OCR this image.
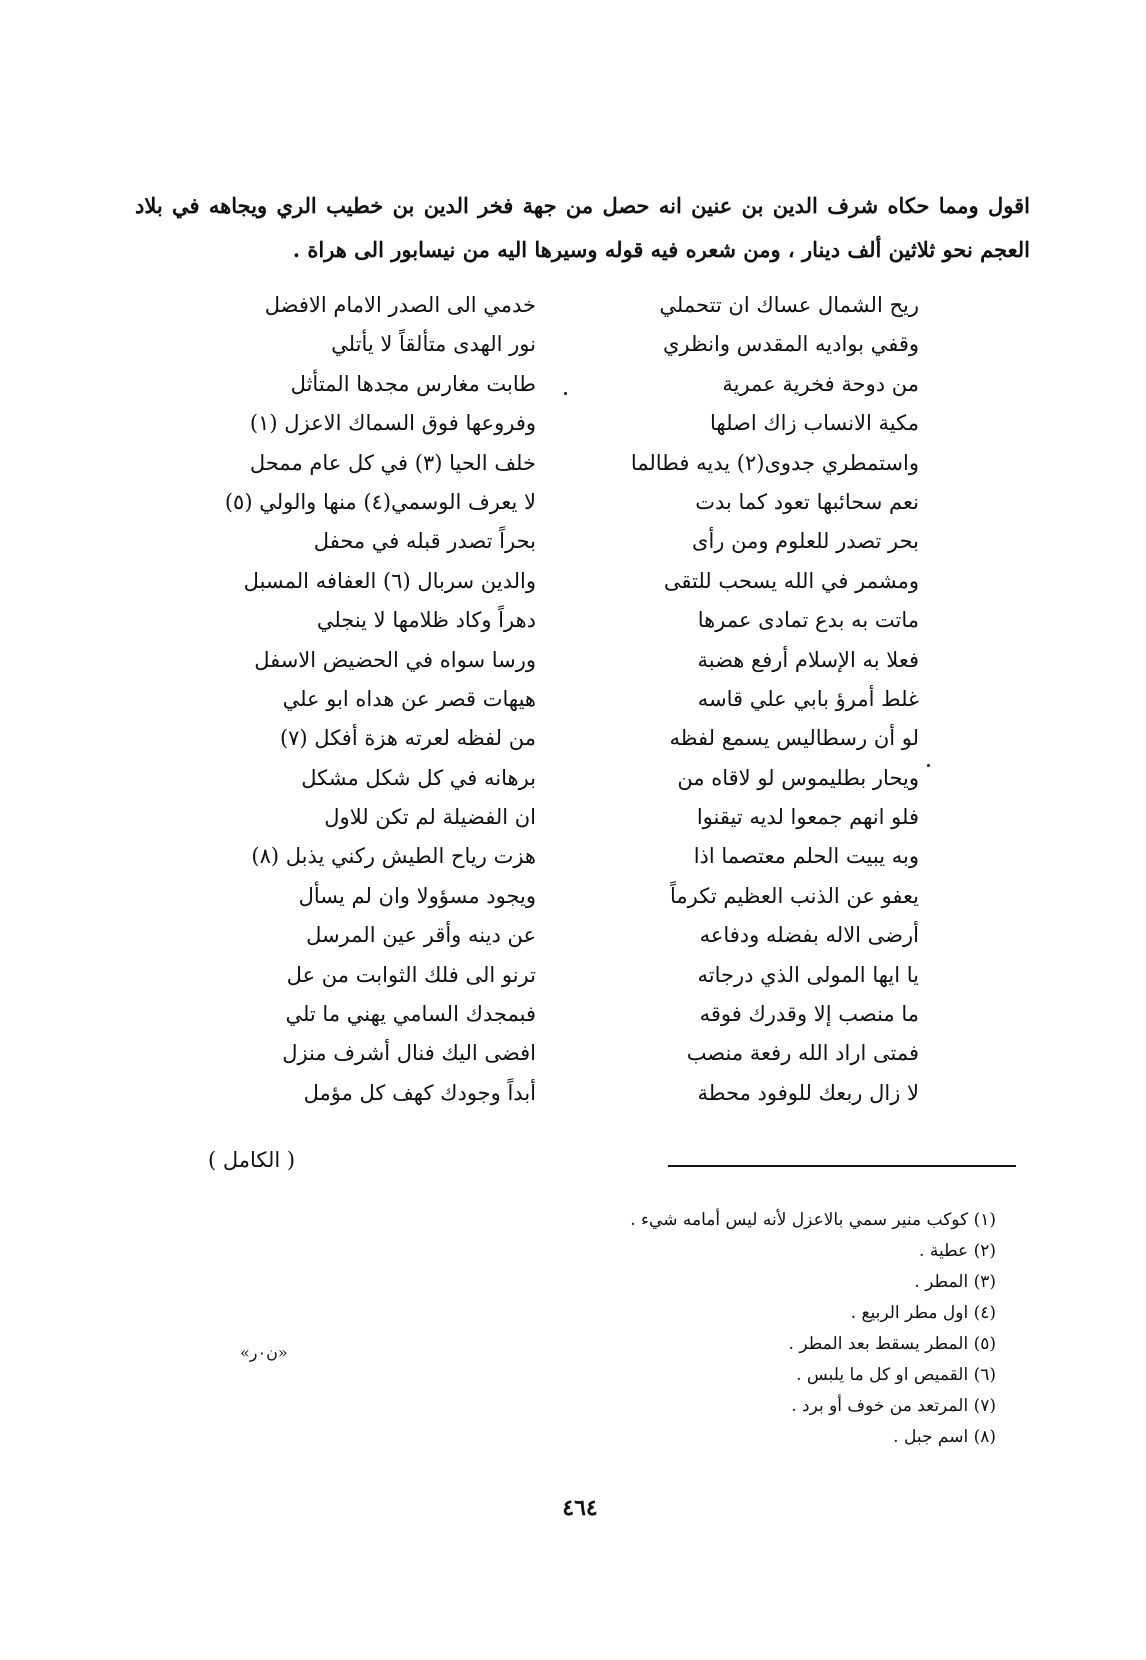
اقول ومما حكاه شرف الدين بن عنين انه حصل من جهة فخر الدين بن خطيب الري ويجاهه في بلاد العجم نحو ثلاثين ألف دينار ، ومن شعره فيه قوله وسيرها اليه من نيسابور الى هراة .

ريح الشمال عساك ان تتحملي
وقفي بواديه المقدس وانظري
من دوحة فخرية عمرية
مكية الانساب زاك اصلها
واستمطري جدوى(٢) يديه فطالما
نعم سحائبها تعود كما بدت
بحر تصدر للعلوم ومن رأى
ومشمر في الله يسحب للتقى
ماتت به بدع تمادى عمرها
فعلا به الإسلام أرفع هضبة
غلط أمرؤ بابي علي قاسه
لو أن رسطاليس يسمع لفظه
ويحار بطليموس لو لاقاه من
فلو انهم جمعوا لديه تيقنوا
وبه يبيت الحلم معتصما اذا
يعفو عن الذنب العظيم تكرماً
أرضى الاله بفضله ودفاعه
يا ايها المولى الذي درجاته
ما منصب إلا وقدرك فوقه
فمتى اراد الله رفعة منصب
لا زال ربعك للوفود محطة
خدمي الى الصدر الامام الافضل
نور الهدى متألقاً لا يأتلي
طابت مغارس مجدها المتأثل
وفروعها فوق السماك الاعزل (١)
خلف الحيا (٣) في كل عام ممحل
لا يعرف الوسمي(٤) منها والولي (٥)
بحراً تصدر قبله في محفل
والدين سربال (٦) العفافه المسبل
دهراً وكاد ظلامها لا ينجلي
ورسا سواه في الحضيض الاسفل
هيهات قصر عن هداه ابو علي
من لفظه لعرته هزة أفكل (٧)
برهانه في كل شكل مشكل
ان الفضيلة لم تكن للاول
هزت رياح الطيش ركني يذبل (٨)
ويجود مسؤولا وان لم يسأل
عن دينه وأقر عين المرسل
ترنو الى فلك الثوابت من عل
فبمجدك السامي يهني ما تلي
افضى اليك فنال أشرف منزل
أبداً وجودك كهف كل مؤمل
( الكامل )
(١) كوكب منير سمي بالاعزل لأنه ليس أمامه شيء .
(٢) عطية .
(٣) المطر .
(٤) اول مطر الربيع .
(٥) المطر يسقط بعد المطر .
(٦) القميص او كل ما يلبس .
(٧) المرتعد من خوف أو برد .
(٨) اسم جبل .
«ن٠ر»
٤٦٤
